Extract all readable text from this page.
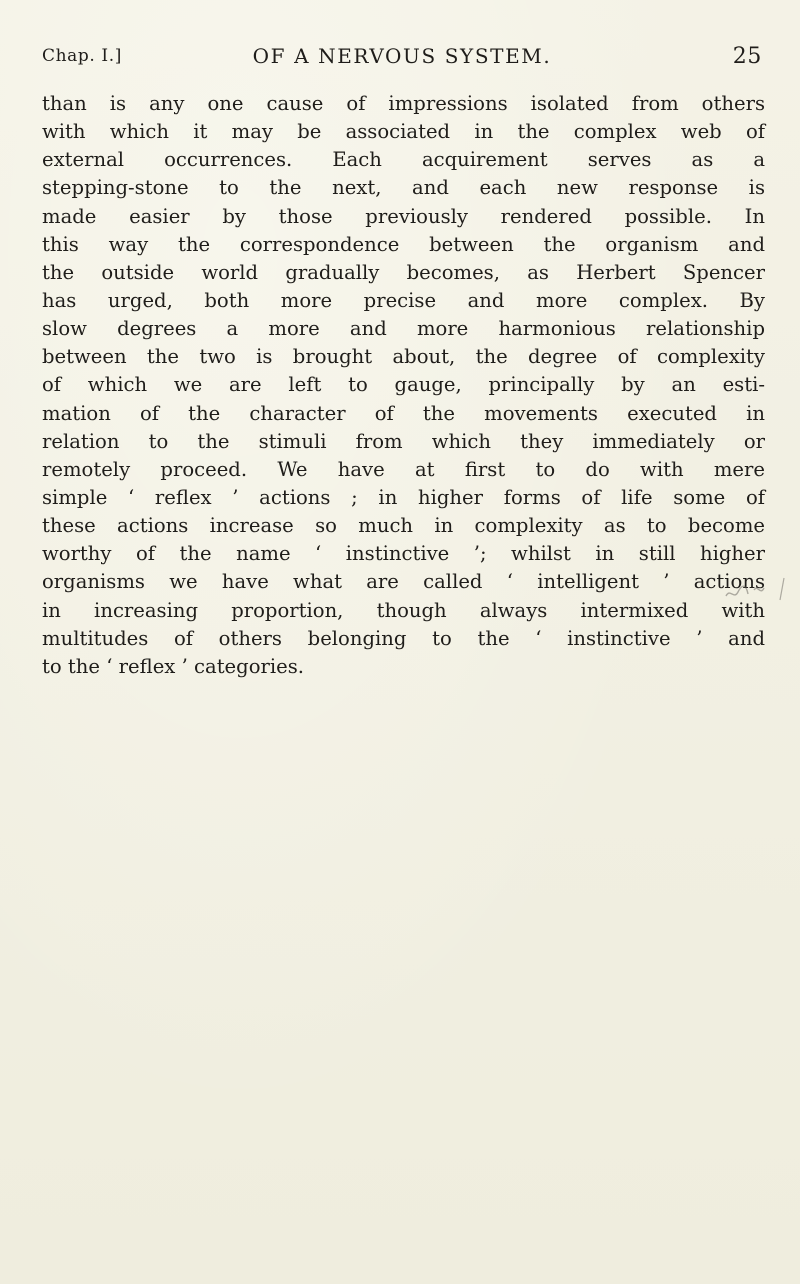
Chap. I.]	OF A NERVOUS SYSTEM.	25
than is any one cause of impressions isolated from others
with which it may be associated in the complex web of
external occurrences. Each acquirement serves as a
stepping-stone to the next, and each new response is
made easier by those previously rendered possible. In
this way the correspondence between the organism and
the outside world gradually becomes, as Herbert Spencer
has urged, both more precise and more complex. By
slow degrees a more and more harmonious relationship
between the two is brought about, the degree of complexity
of which we are left to gauge, principally by an esti-
mation of the character of the movements executed in
relation to the stimuli from which they immediately or
remotely proceed. We have at first to do with mere
simple ‘ reflex ’ actions ; in higher forms of life some of
these actions increase so much in complexity as to become
worthy of the name ‘ instinctive ’; whilst in still higher
organisms we have what are called ‘ intelligent ’ actions
in increasing proportion, though always intermixed with
multitudes of others belonging to the ‘ instinctive ’ and
to the ‘ reflex ’ categories.
